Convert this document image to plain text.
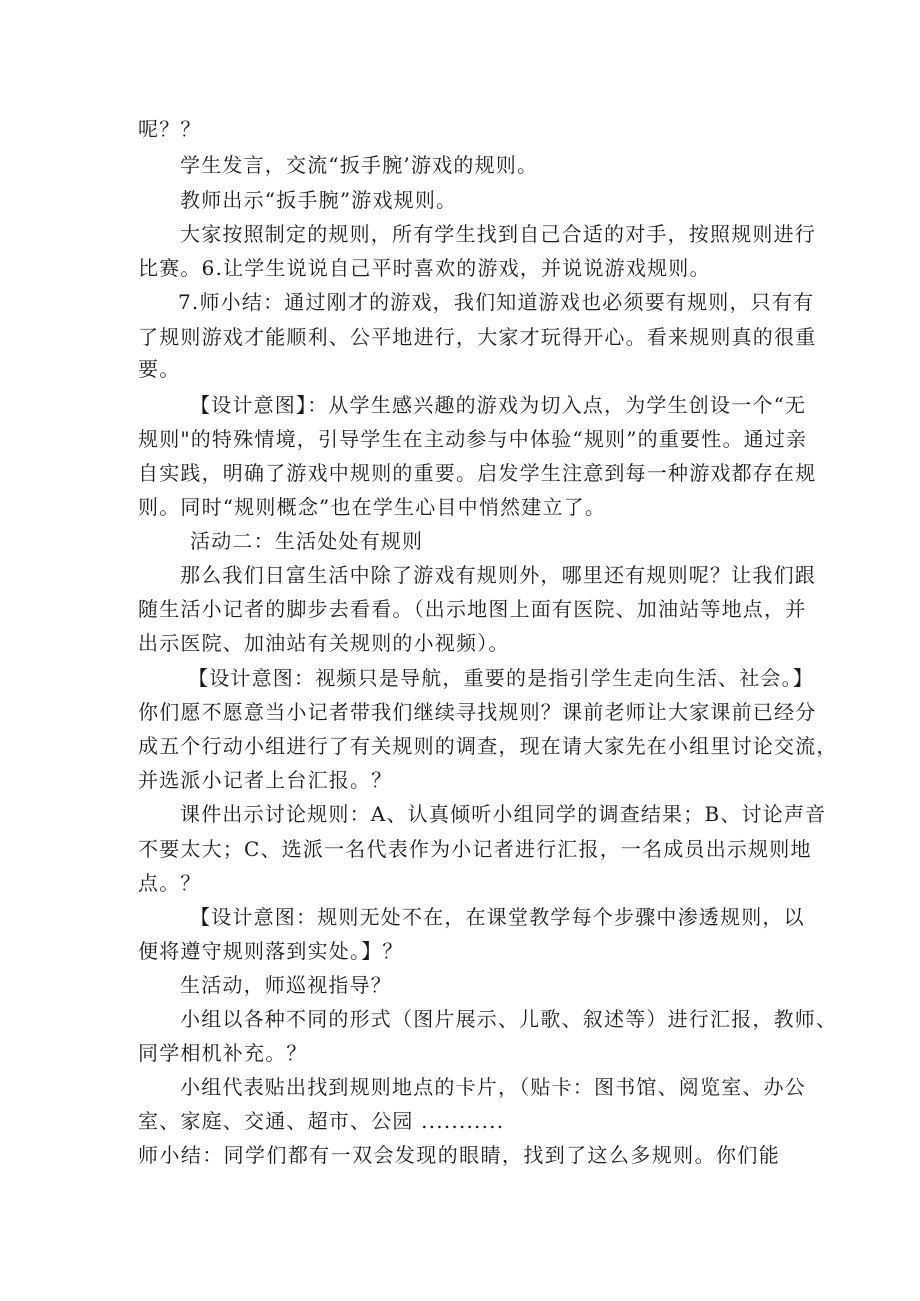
呢？？
学生发言，交流“扳手腕’游戏的规则。
教师出示“扳手腕”游戏规则。
大家按照制定的规则，所有学生找到自己合适的对手，按照规则进行
比赛。6.让学生说说自己平时喜欢的游戏，并说说游戏规则。
7.师小结：通过刚才的游戏，我们知道游戏也必须要有规则，只有有
了规则游戏才能顺利、公平地进行，大家才玩得开心。看来规则真的很重
要。
【设计意图】：从学生感兴趣的游戏为切入点，为学生创设一个“无
规则"的特殊情境，引导学生在主动参与中体验“规则”的重要性。通过亲
自实践，明确了游戏中规则的重要。启发学生注意到每一种游戏都存在规
则。同时“规则概念”也在学生心目中悄然建立了。
活动二：生活处处有规则
那么我们日富生活中除了游戏有规则外，哪里还有规则呢？让我们跟
随生活小记者的脚步去看看。（出示地图上面有医院、加油站等地点，并
出示医院、加油站有关规则的小视频）。
【设计意图：视频只是导航，重要的是指引学生走向生活、社会。】
你们愿不愿意当小记者带我们继续寻找规则？课前老师让大家课前已经分
成五个行动小组进行了有关规则的调查，现在请大家先在小组里讨论交流，
并选派小记者上台汇报。？
课件出示讨论规则：A、认真倾听小组同学的调查结果；B、讨论声音
不要太大；C、选派一名代表作为小记者进行汇报，一名成员出示规则地
点。？
【设计意图：规则无处不在，在课堂教学每个步骤中渗透规则，以
便将遵守规则落到实处。】？
生活动，师巡视指导？
小组以各种不同的形式（图片展示、儿歌、叙述等）进行汇报，教师、
同学相机补充。？
小组代表贴出找到规则地点的卡片，（贴卡：图书馆、阅览室、办公
室、家庭、交通、超市、公园 ...........
师小结：同学们都有一双会发现的眼睛，找到了这么多规则。你们能
